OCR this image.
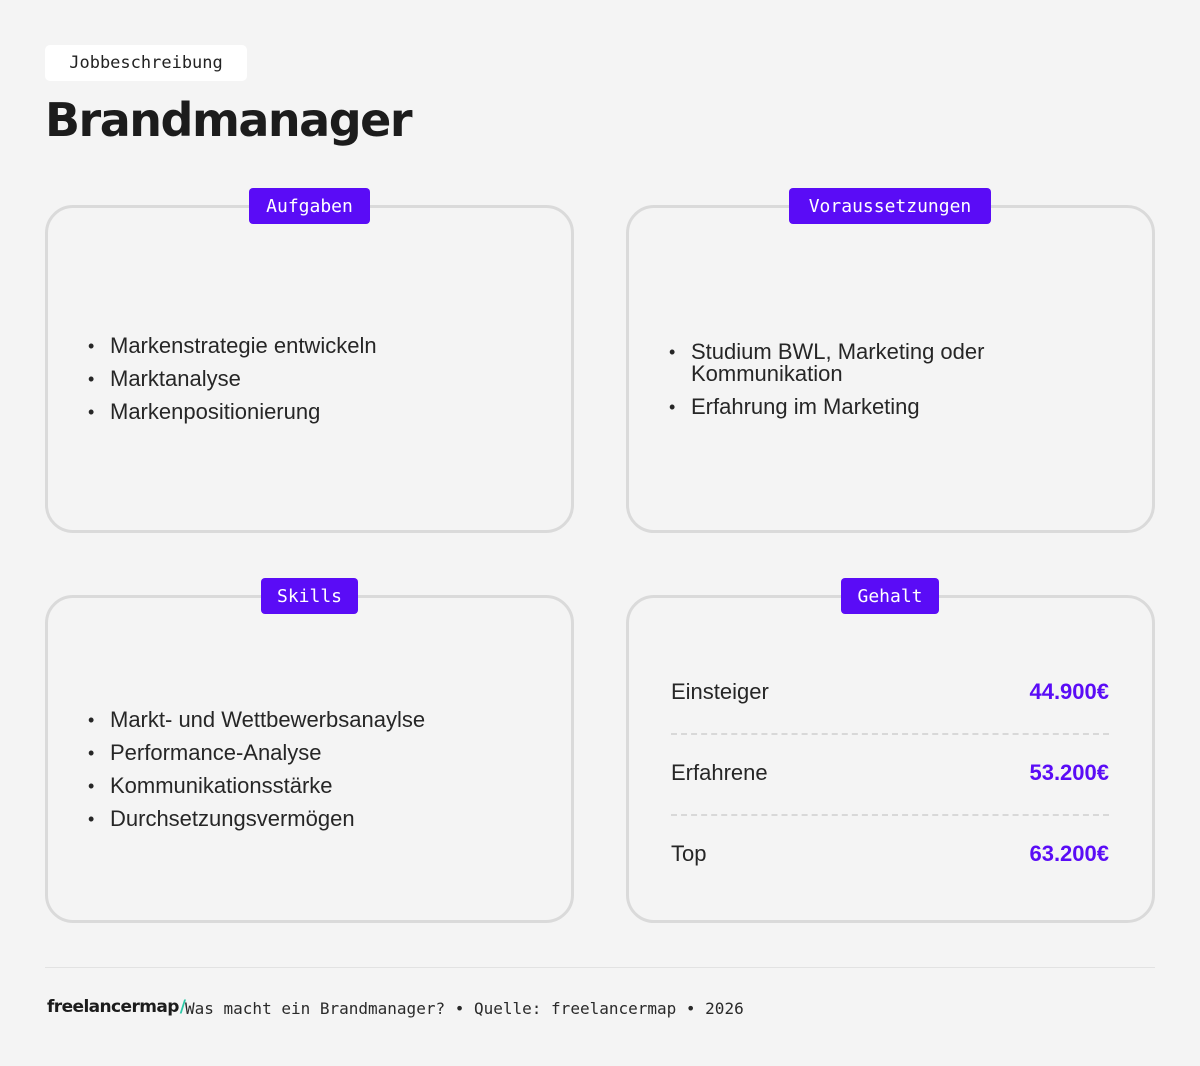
Jobbeschreibung
Brandmanager
• Markenstrategie entwickeln
• Marktanalyse
• Markenpositionierung
Aufgaben
• Studium BWL, Marketing oder Kommunikation
• Erfahrung im Marketing
Voraussetzungen
• Markt- und Wettbewerbsanaylse
• Performance-Analyse
• Kommunikationsstärke
• Durchsetzungsvermögen
Skills
Einsteiger	44.900€
Erfahrene	53.200€
Top	63.200€
Gehalt
freelancermap/ Was macht ein Brandmanager? • Quelle: freelancermap • 2026
